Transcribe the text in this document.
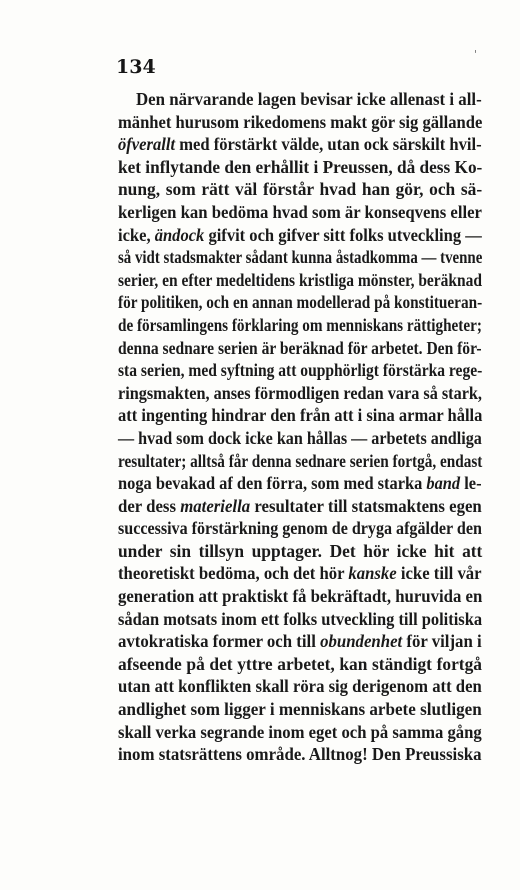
134
'
Den närvarande lagen bevisar icke allenast i all-
mänhet hurusom rikedomens makt gör sig gällande
öfverallt med förstärkt välde, utan ock särskilt hvil-
ket inflytande den erhållit i Preussen, då dess Ko-
nung, som rätt väl förstår hvad han gör, och sä-
kerligen kan bedöma hvad som är konseqvens eller
icke, ändock gifvit och gifver sitt folks utveckling —
så vidt stadsmakter sådant kunna åstadkomma — tvenne
serier, en efter medeltidens kristliga mönster, beräknad
för politiken, och en annan modellerad på konstitueran-
de församlingens förklaring om menniskans rättigheter;
denna sednare serien är beräknad för arbetet. Den för-
sta serien, med syftning att oupphörligt förstärka rege-
ringsmakten, anses förmodligen redan vara så stark,
att ingenting hindrar den från att i sina armar hålla
— hvad som dock icke kan hållas — arbetets andliga
resultater; alltså får denna sednare serien fortgå, endast
noga bevakad af den förra, som med starka band le-
der dess materiella resultater till statsmaktens egen
successiva förstärkning genom de dryga afgälder den
under sin tillsyn upptager. Det hör icke hit att
theoretiskt bedöma, och det hör kanske icke till vår
generation att praktiskt få bekräftadt, huruvida en
sådan motsats inom ett folks utveckling till politiska
avtokratiska former och till obundenhet för viljan i
afseende på det yttre arbetet, kan ständigt fortgå
utan att konflikten skall röra sig derigenom att den
andlighet som ligger i menniskans arbete slutligen
skall verka segrande inom eget och på samma gång
inom statsrättens område. Alltnog! Den Preussiska
